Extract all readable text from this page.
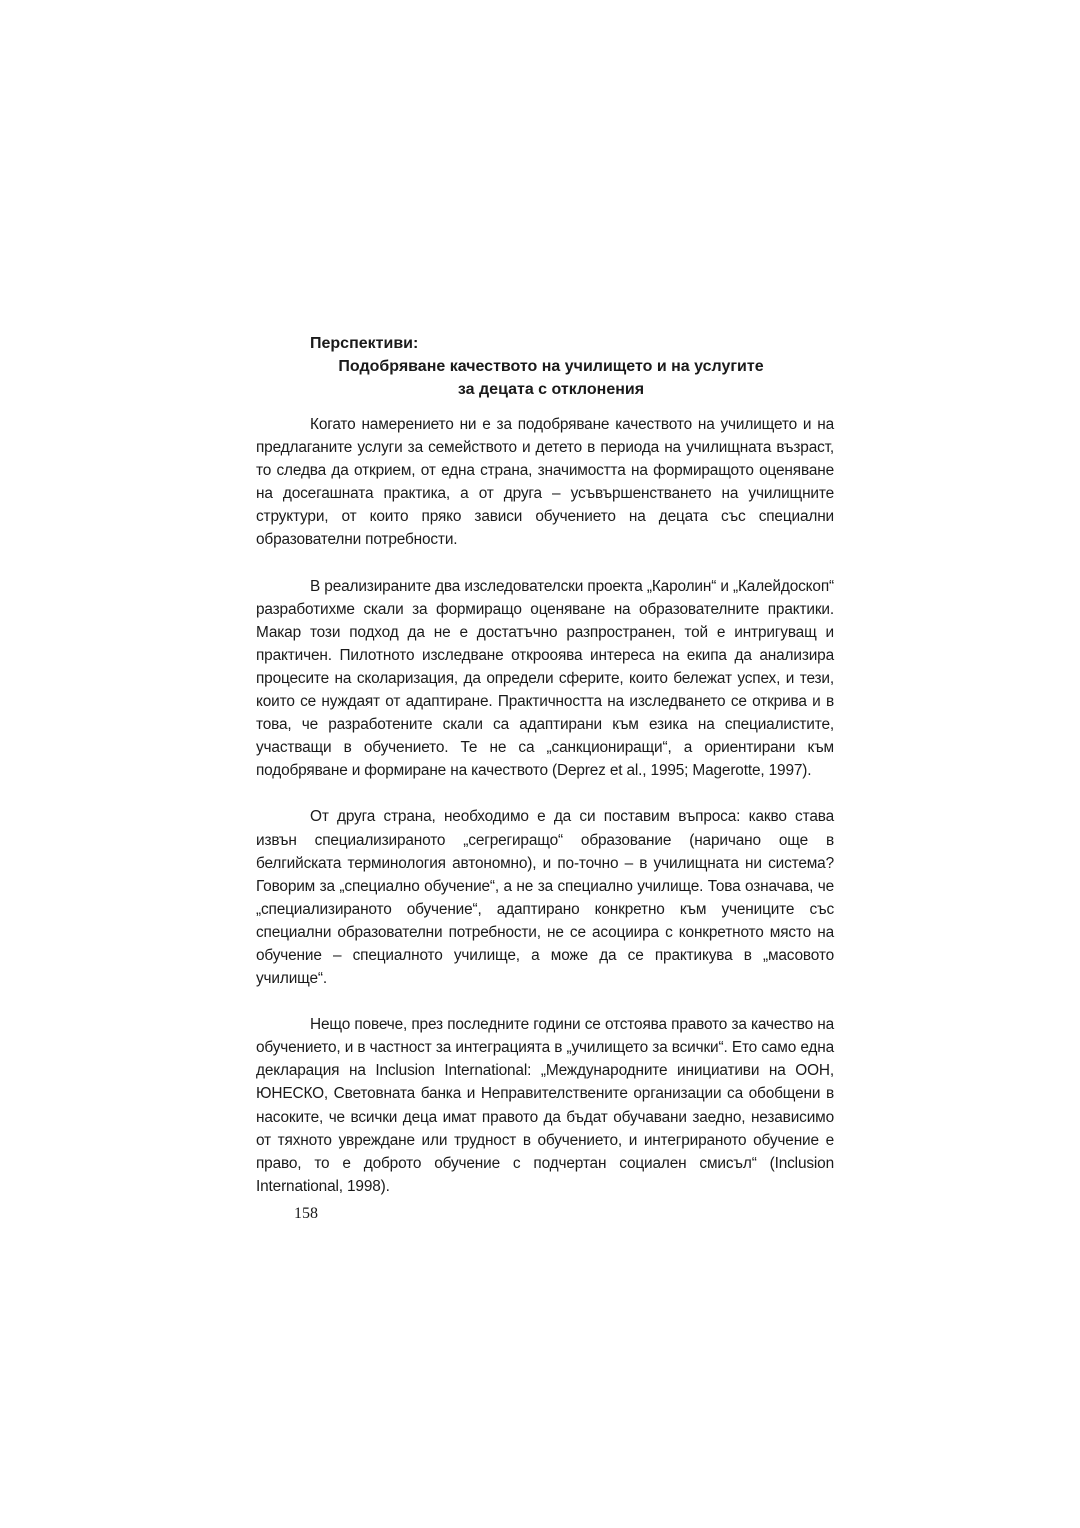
Перспективи:
Подобряване качеството на училището и на услугите
за децата с отклонения

Когато намерението ни е за подобряване качеството на училището и на предлаганите услуги за семейството и детето в периода на училищната възраст, то следва да открием, от една страна, значимостта на формиращото оценяване на досегашната практика, а от друга – усъвършенстването на училищните структури, от които пряко зависи обучението на децата със специални образователни потребности.

В реализираните два изследователски проекта „Каролин“ и „Калейдоскоп“ разработихме скали за формиращо оценяване на образователните практики. Макар този подход да не е достатъчно разпространен, той е интригуващ и практичен. Пилотното изследване открооява интереса на екипа да анализира процесите на сколаризация, да определи сферите, които бележат успех, и тези, които се нуждаят от адаптиране. Практичността на изследването се открива и в това, че разработените скали са адаптирани към езика на специалистите, участващи в обучението. Те не са „санкциониращи“, а ориентирани към подобряване и формиране на качеството (Deprez et al., 1995; Magerotte, 1997).

От друга страна, необходимо е да си поставим въпроса: какво става извън специализираното „сегрегиращо“ образование (наричано още в белгийската терминология автономно), и по-точно – в училищната ни система? Говорим за „специално обучение“, а не за специално училище. Това означава, че „специализираното обучение“, адаптирано конкретно към учениците със специални образователни потребности, не се асоциира с конкретното място на обучение – специалното училище, а може да се практикува в „масовото училище“.

Нещо повече, през последните години се отстоява правото за качество на обучението, и в частност за интеграцията в „училището за всички“. Ето само една декларация на Inclusion International: „Международните инициативи на ООН, ЮНЕСКО, Световната банка и Неправителствените организации са обобщени в насоките, че всички деца имат правото да бъдат обучавани заедно, независимо от тяхното увреждане или трудност в обучението, и интегрираното обучение е право, то е доброто обучение с подчертан социален смисъл“ (Inclusion International, 1998).

158
